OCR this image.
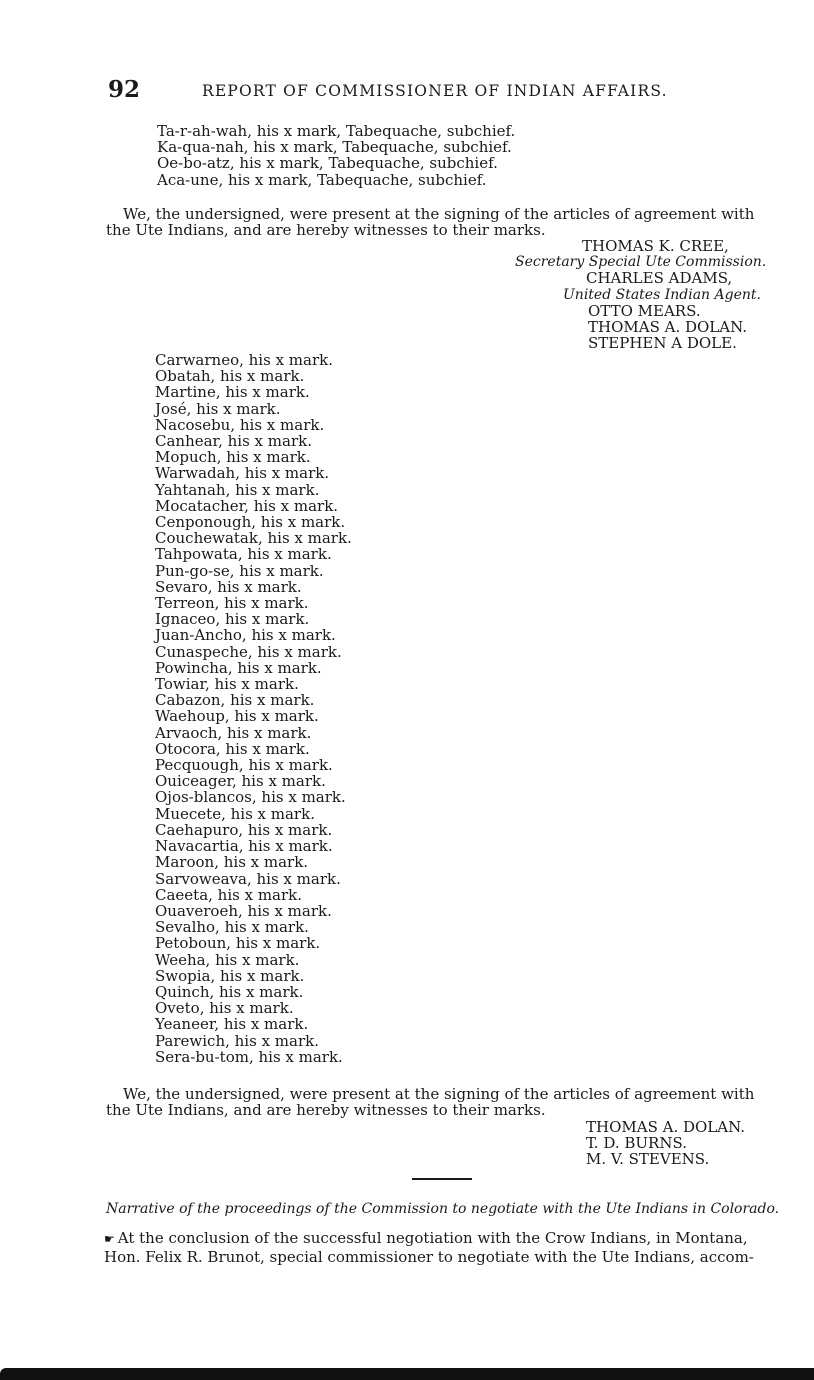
92	REPORT OF COMMISSIONER OF INDIAN AFFAIRS.
Ta-r-ah-wah, his x mark, Tabequache, subchief.
Ka-qua-nah, his x mark, Tabequache, subchief.
Oe-bo-atz, his x mark, Tabequache, subchief.
Aca-une, his x mark, Tabequache, subchief.
We, the undersigned, were present at the signing of the articles of agreement with
the Ute Indians, and are hereby witnesses to their marks.
THOMAS K. CREE,
Secretary Special Ute Commission.
CHARLES ADAMS,
United States Indian Agent.
OTTO MEARS.
THOMAS A. DOLAN.
STEPHEN A DOLE.
Carwarneo, his x mark.
Obatah, his x mark.
Martine, his x mark.
José, his x mark.
Nacosebu, his x mark.
Canhear, his x mark.
Mopuch, his x mark.
Warwadah, his x mark.
Yahtanah, his x mark.
Mocatacher, his x mark.
Cenponough, his x mark.
Couchewatak, his x mark.
Tahpowata, his x mark.
Pun-go-se, his x mark.
Sevaro, his x mark.
Terreon, his x mark.
Ignaceo, his x mark.
Juan-Ancho, his x mark.
Cunaspeche, his x mark.
Powincha, his x mark.
Towiar, his x mark.
Cabazon, his x mark.
Waehoup, his x mark.
Arvaoch, his x mark.
Otocora, his x mark.
Pecquough, his x mark.
Ouiceager, his x mark.
Ojos-blancos, his x mark.
Muecete, his x mark.
Caehapuro, his x mark.
Navacartia, his x mark.
Maroon, his x mark.
Sarvoweava, his x mark.
Caeeta, his x mark.
Ouaveroeh, his x mark.
Sevalho, his x mark.
Petoboun, his x mark.
Weeha, his x mark.
Swopia, his x mark.
Quinch, his x mark.
Oveto, his x mark.
Yeaneer, his x mark.
Parewich, his x mark.
Sera-bu-tom, his x mark.
We, the undersigned, were present at the signing of the articles of agreement with
the Ute Indians, and are hereby witnesses to their marks.
THOMAS A. DOLAN.
T. D. BURNS.
M. V. STEVENS.
Narrative of the proceedings of the Commission to negotiate with the Ute Indians in Colorado.
☛ At the conclusion of the successful negotiation with the Crow Indians, in Montana,
Hon. Felix R. Brunot, special commissioner to negotiate with the Ute Indians, accom-
